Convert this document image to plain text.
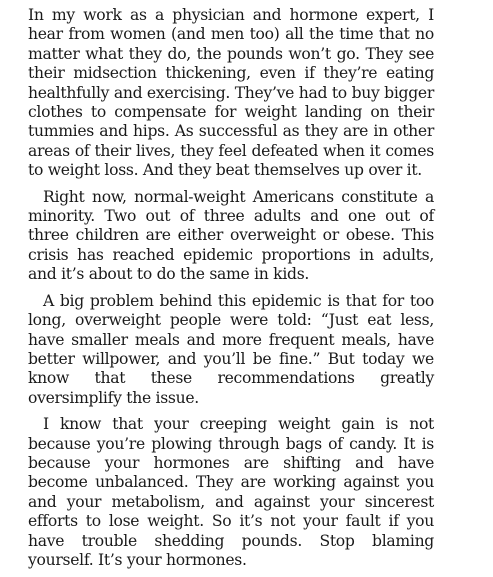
In my work as a physician and hormone expert, I hear from women (and men too) all the time that no matter what they do, the pounds won’t go. They see their midsection thickening, even if they’re eating healthfully and exercising. They’ve had to buy bigger clothes to compensate for weight landing on their tummies and hips. As successful as they are in other areas of their lives, they feel defeated when it comes to weight loss. And they beat themselves up over it.

Right now, normal-weight Americans constitute a minority. Two out of three adults and one out of three children are either overweight or obese. This crisis has reached epidemic proportions in adults, and it’s about to do the same in kids.

A big problem behind this epidemic is that for too long, overweight people were told: “Just eat less, have smaller meals and more frequent meals, have better willpower, and you’ll be fine.” But today we know that these recommendations greatly oversimplify the issue.

I know that your creeping weight gain is not because you’re plowing through bags of candy. It is because your hormones are shifting and have become unbalanced. They are working against you and your metabolism, and against your sincerest efforts to lose weight. So it’s not your fault if you have trouble shedding pounds. Stop blaming yourself. It’s your hormones.
